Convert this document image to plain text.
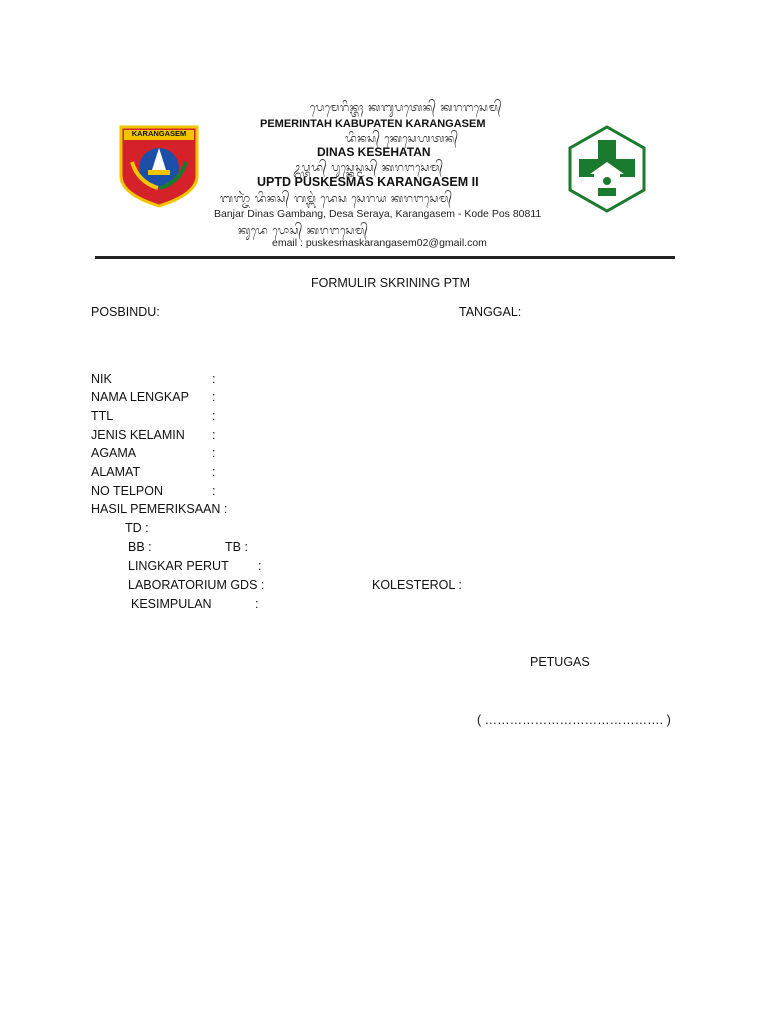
KARANGASEM
ᬧᬾᬫᬾᬭᬶᬦ᭄ᬢᬄ ᬓᬩᬸᬧᬢᬾᬦ᭄ ᬓᬭᬗᬲᬾᬫ᭄
PEMERINTAH KABUPATEN KARANGASEM
ᬤᬶᬦᬲ᭄ ᬓᬾᬲᬾᬳᬢᬦ᭄
DINAS KESEHATAN
ᬉᬧ᭄ᬢᬤ᭄ ᬧᬸᬲ᭄ᬓᬾᬲ᭄ᬫᬲ᭄ ᬓᬭᬗᬲᬾᬫ᭄
UPTD PUSKESMAS KARANGASEM II
ᬩᬜ᭄ᬚᬃ ᬤᬶᬦᬲ᭄ ᬕᬫ᭄ᬩᬂ ᬤᬾᬲ ᬲᬾᬭᬬ ᬓᬭᬗᬲᬾᬫ᭄
Banjar Dinas Gambang, Desa Seraya, Karangasem - Kode Pos 80811
ᬓᬸᬤᬾ ᬧᭀᬲ᭄ ᬓᬭᬗᬲᬾᬫ᭄
email : puskesmaskarangasem02@gmail.com
FORMULIR SKRINING PTM
POSBINDU:	TANGGAL:
NIK	:
NAMA LENGKAP :
TTL	:
JENIS KELAMIN :
AGAMA	:
ALAMAT	:
NO TELPON	:
HASIL PEMERIKSAAN :
TD :
BB :	TB :
LINGKAR PERUT :
LABORATORIUM GDS :	KOLESTEROL :
KESIMPULAN	:
PETUGAS
( ……………………………………. )
